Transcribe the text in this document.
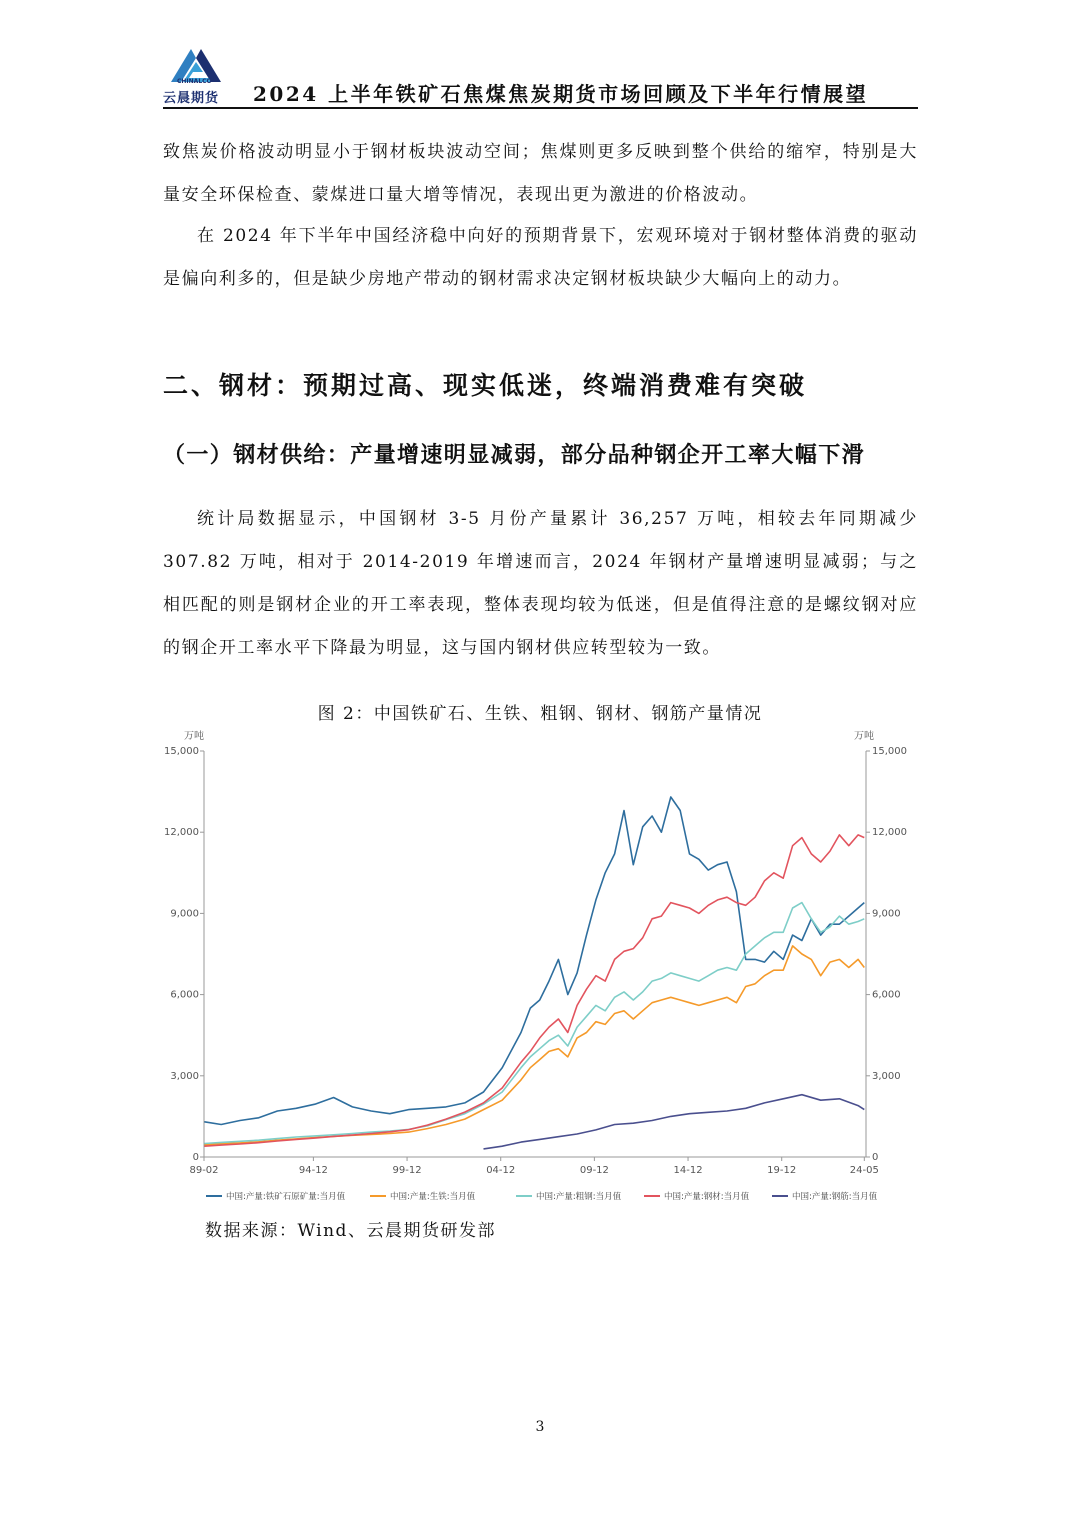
CHINALCO
云晨期货 2024 上半年铁矿石焦煤焦炭期货市场回顾及下半年行情展望

致焦炭价格波动明显小于钢材板块波动空间；焦煤则更多反映到整个供给的缩窄，特别是大量安全环保检查、蒙煤进口量大增等情况，表现出更为激进的价格波动。

在 2024 年下半年中国经济稳中向好的预期背景下，宏观环境对于钢材整体消费的驱动是偏向利多的，但是缺少房地产带动的钢材需求决定钢材板块缺少大幅向上的动力。

二、钢材：预期过高、现实低迷，终端消费难有突破
（一）钢材供给：产量增速明显减弱，部分品种钢企开工率大幅下滑

统计局数据显示，中国钢材 3-5 月份产量累计 36,257 万吨，相较去年同期减少 307.82 万吨，相对于 2014-2019 年增速而言，2024 年钢材产量增速明显减弱；与之相匹配的则是钢材企业的开工率表现，整体表现均较为低迷，但是值得注意的是螺纹钢对应的钢企开工率水平下降最为明显，这与国内钢材供应转型较为一致。

图 2：中国铁矿石、生铁、粗钢、钢材、钢筋产量情况
万吨	万吨
0	0
3,000	3,000
6,000	6,000
9,000	9,000
12,000	12,000
15,000	15,000
89-02	94-12	99-12	04-12	09-12	14-12	19-12	24-05
中国:产量:铁矿石原矿量:当月值	中国:产量:生铁:当月值	中国:产量:粗钢:当月值	中国:产量:钢材:当月值	中国:产量:钢筋:当月值
数据来源：Wind、云晨期货研发部
3
